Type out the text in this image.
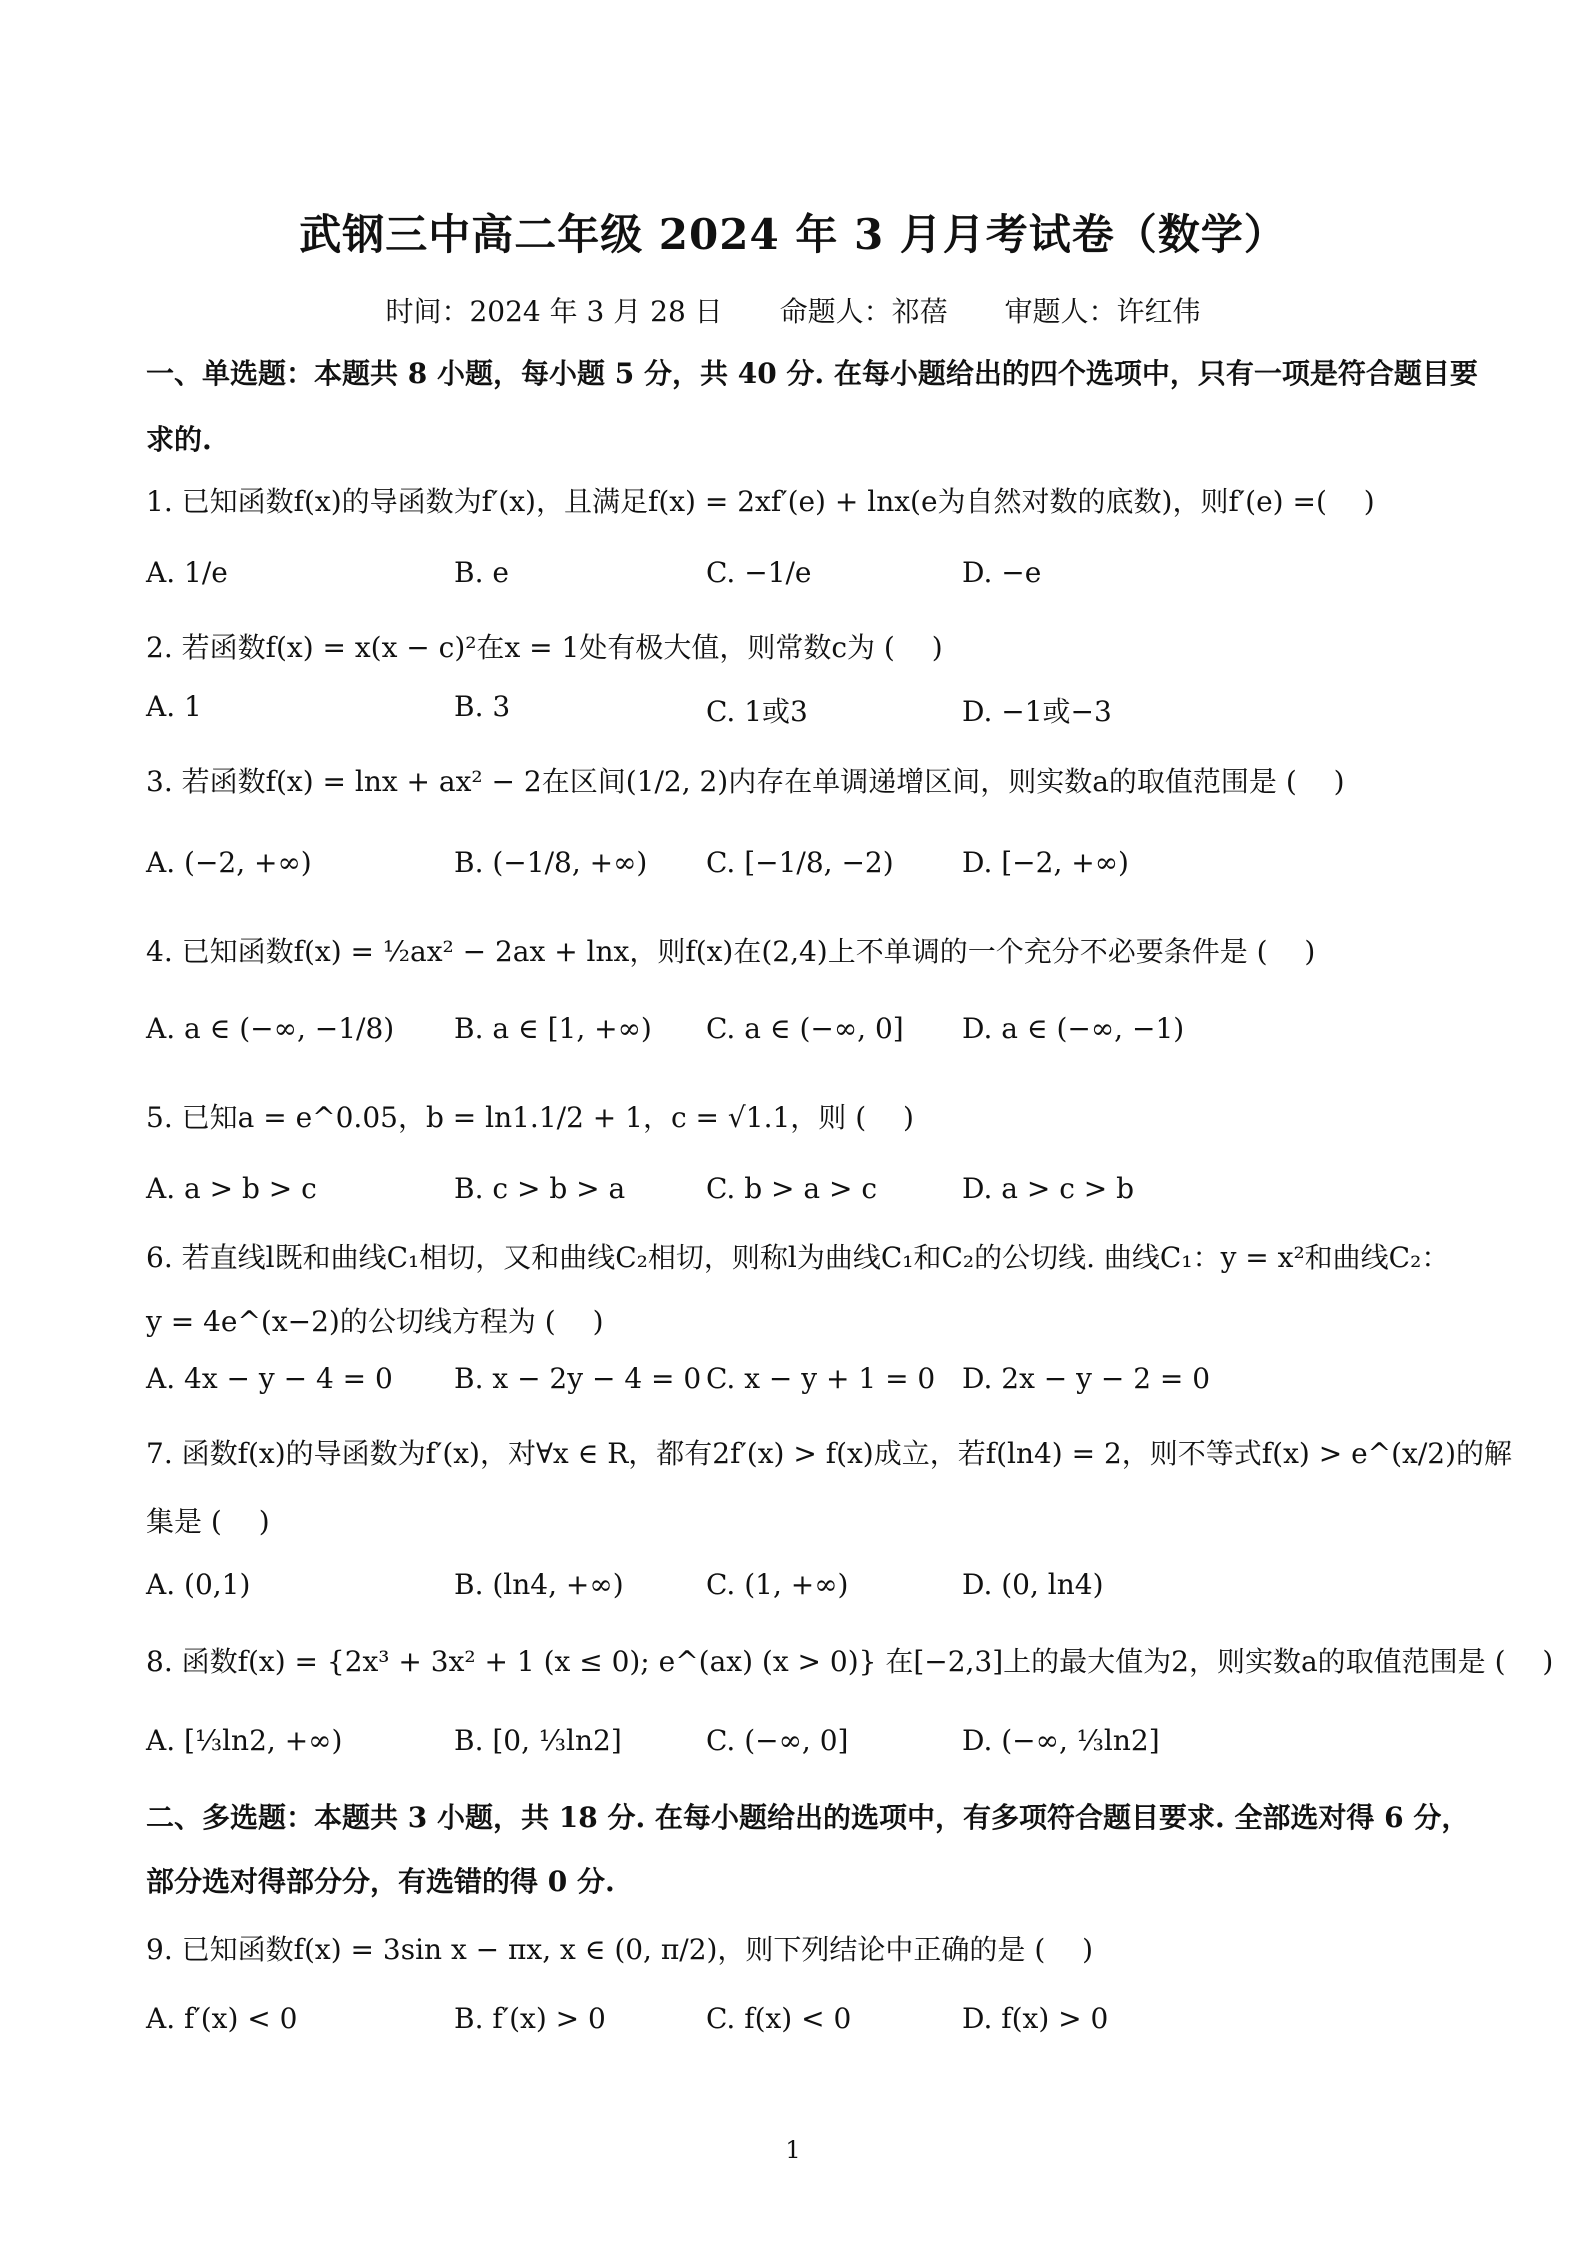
武钢三中高二年级 2024 年 3 月月考试卷（数学）
时间：2024 年 3 月 28 日 命题人：祁蓓 审题人：许红伟
一、单选题：本题共 8 小题，每小题 5 分，共 40 分. 在每小题给出的四个选项中，只有一项是符合题目要
求的.
1. 已知函数f(x)的导函数为f′(x)，且满足f(x) = 2xf′(e) + lnx(e为自然对数的底数)，则f′(e) =(　 )
A. 1/e	B. e	C. −1/e	D. −e
2. 若函数f(x) = x(x − c)²在x = 1处有极大值，则常数c为 (　 )
A. 1	B. 3	C. 1或3	D. −1或−3
3. 若函数f(x) = lnx + ax² − 2在区间(1/2, 2)内存在单调递增区间，则实数a的取值范围是 (　 )
A. (−2, +∞)	B. (−1/8, +∞) C. [−1/8, −2) D. [−2, +∞)
4. 已知函数f(x) = ½ax² − 2ax + lnx，则f(x)在(2,4)上不单调的一个充分不必要条件是 (　 )
A. a ∈ (−∞, −1/8) B. a ∈ [1, +∞) C. a ∈ (−∞, 0] D. a ∈ (−∞, −1)
5. 已知a = e^0.05，b = ln1.1/2 + 1，c = √1.1，则 (　 )
A. a > b > c	B. c > b > a	C. b > a > c	D. a > c > b
6. 若直线l既和曲线C₁相切，又和曲线C₂相切，则称l为曲线C₁和C₂的公切线. 曲线C₁：y = x²和曲线C₂：
y = 4e^(x−2)的公切线方程为 (　 )
A. 4x − y − 4 = 0 B. x − 2y − 4 = 0 C. x − y + 1 = 0 D. 2x − y − 2 = 0
7. 函数f(x)的导函数为f′(x)，对∀x ∈ R，都有2f′(x) > f(x)成立，若f(ln4) = 2，则不等式f(x) > e^(x/2)的解
集是 (　 )
A. (0,1)	B. (ln4, +∞)	C. (1, +∞)	D. (0, ln4)
8. 函数f(x) = {2x³ + 3x² + 1 (x ≤ 0); e^(ax) (x > 0)} 在[−2,3]上的最大值为2，则实数a的取值范围是 (　 )
A. [⅓ln2, +∞)	B. [0, ⅓ln2]	C. (−∞, 0]	D. (−∞, ⅓ln2]
二、多选题：本题共 3 小题，共 18 分. 在每小题给出的选项中，有多项符合题目要求. 全部选对得 6 分，
部分选对得部分分，有选错的得 0 分.
9. 已知函数f(x) = 3sin x − πx, x ∈ (0, π/2)，则下列结论中正确的是 (　 )
A. f′(x) < 0	B. f′(x) > 0	C. f(x) < 0	D. f(x) > 0
1
